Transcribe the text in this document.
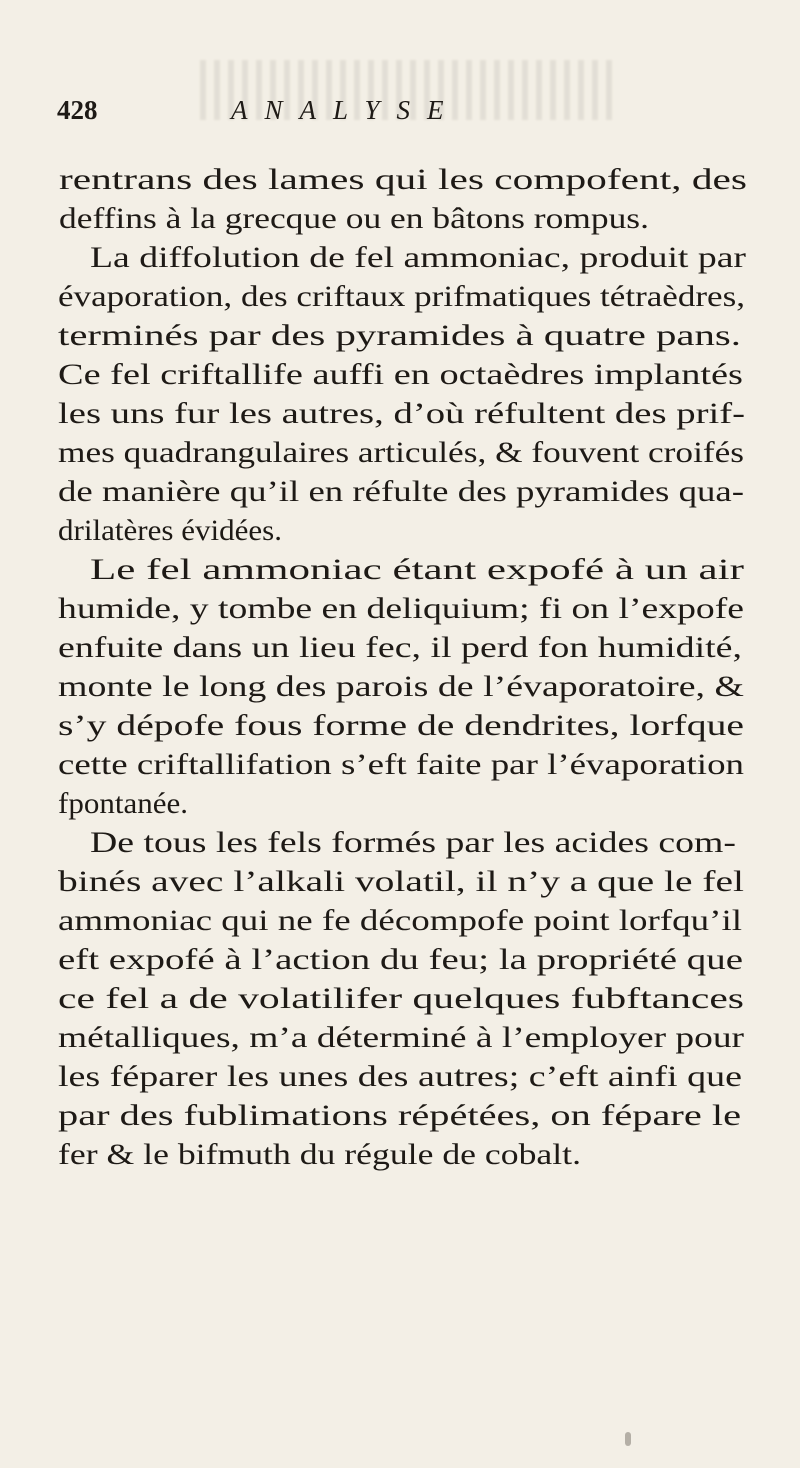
428	ANALYSE
rentrans des lames qui les compofent, des
deffins à la grecque ou en bâtons rompus.
La diffolution de fel ammoniac, produit par
évaporation, des criftaux prifmatiques tétraèdres,
terminés par des pyramides à quatre pans.
Ce fel criftallife auffi en octaèdres implantés
les uns fur les autres, d’où réfultent des prif-
mes quadrangulaires articulés, & fouvent croifés
de manière qu’il en réfulte des pyramides qua-
drilatères évidées.
Le fel ammoniac étant expofé à un air
humide, y tombe en deliquium; fi on l’expofe
enfuite dans un lieu fec, il perd fon humidité,
monte le long des parois de l’évaporatoire, &
s’y dépofe fous forme de dendrites, lorfque
cette criftallifation s’eft faite par l’évaporation
fpontanée.
De tous les fels formés par les acides com-
binés avec l’alkali volatil, il n’y a que le fel
ammoniac qui ne fe décompofe point lorfqu’il
eft expofé à l’action du feu; la propriété que
ce fel a de volatilifer quelques fubftances
métalliques, m’a déterminé à l’employer pour
les féparer les unes des autres; c’eft ainfi que
par des fublimations répétées, on fépare le
fer & le bifmuth du régule de cobalt.
